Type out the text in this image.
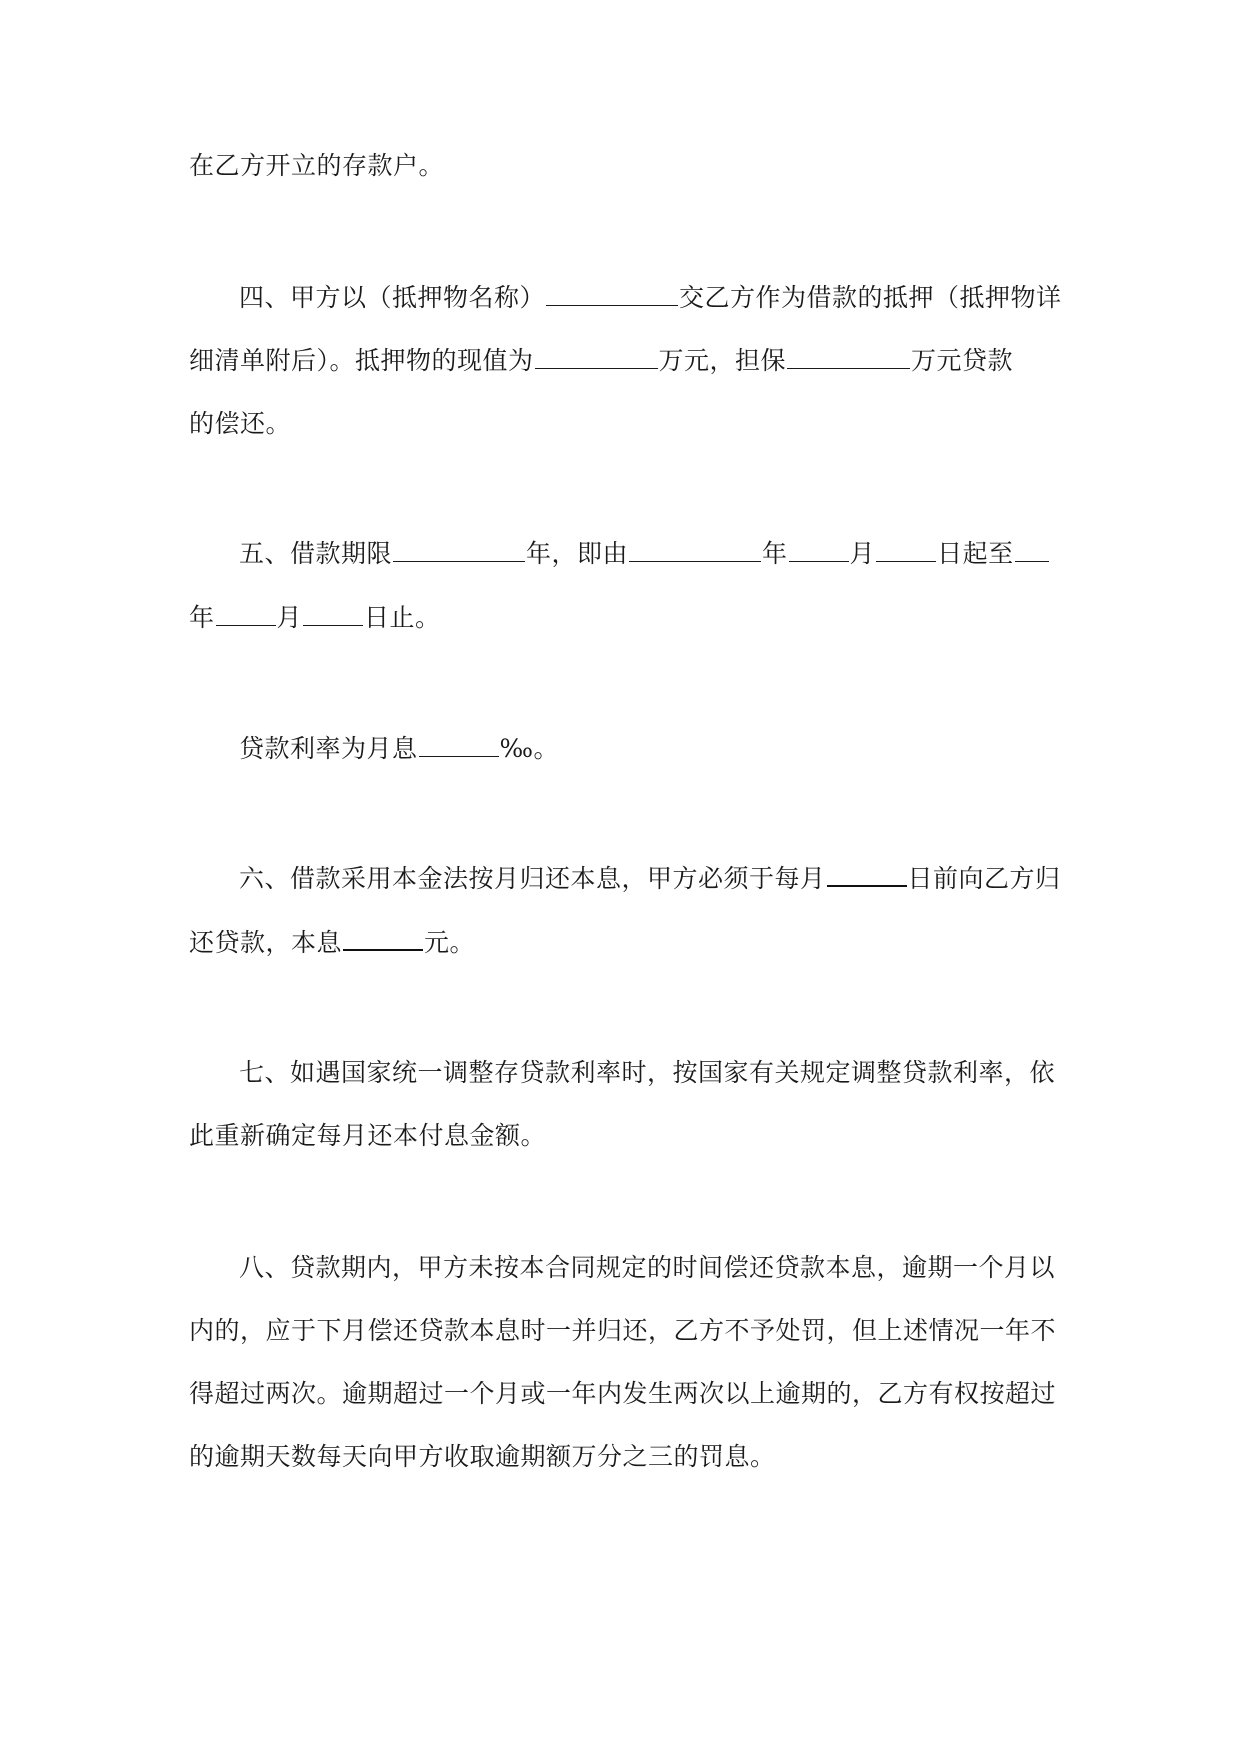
在乙方开立的存款户。
四、甲方以（抵押物名称）	交乙方作为借款的抵押（抵押物详
细清单附后）。抵押物的现值为	万元，担保	万元贷款
的偿还。
五、借款期限	年，即由	年 月 日起至
年 月 日止。
贷款利率为月息	‰。
六、借款采用本金法按月归还本息，甲方必须于每月	日前向乙方归
还贷款，本息	元。
七、如遇国家统一调整存贷款利率时，按国家有关规定调整贷款利率，依
此重新确定每月还本付息金额。
八、贷款期内，甲方未按本合同规定的时间偿还贷款本息，逾期一个月以
内的，应于下月偿还贷款本息时一并归还，乙方不予处罚，但上述情况一年不
得超过两次。逾期超过一个月或一年内发生两次以上逾期的，乙方有权按超过
的逾期天数每天向甲方收取逾期额万分之三的罚息。
